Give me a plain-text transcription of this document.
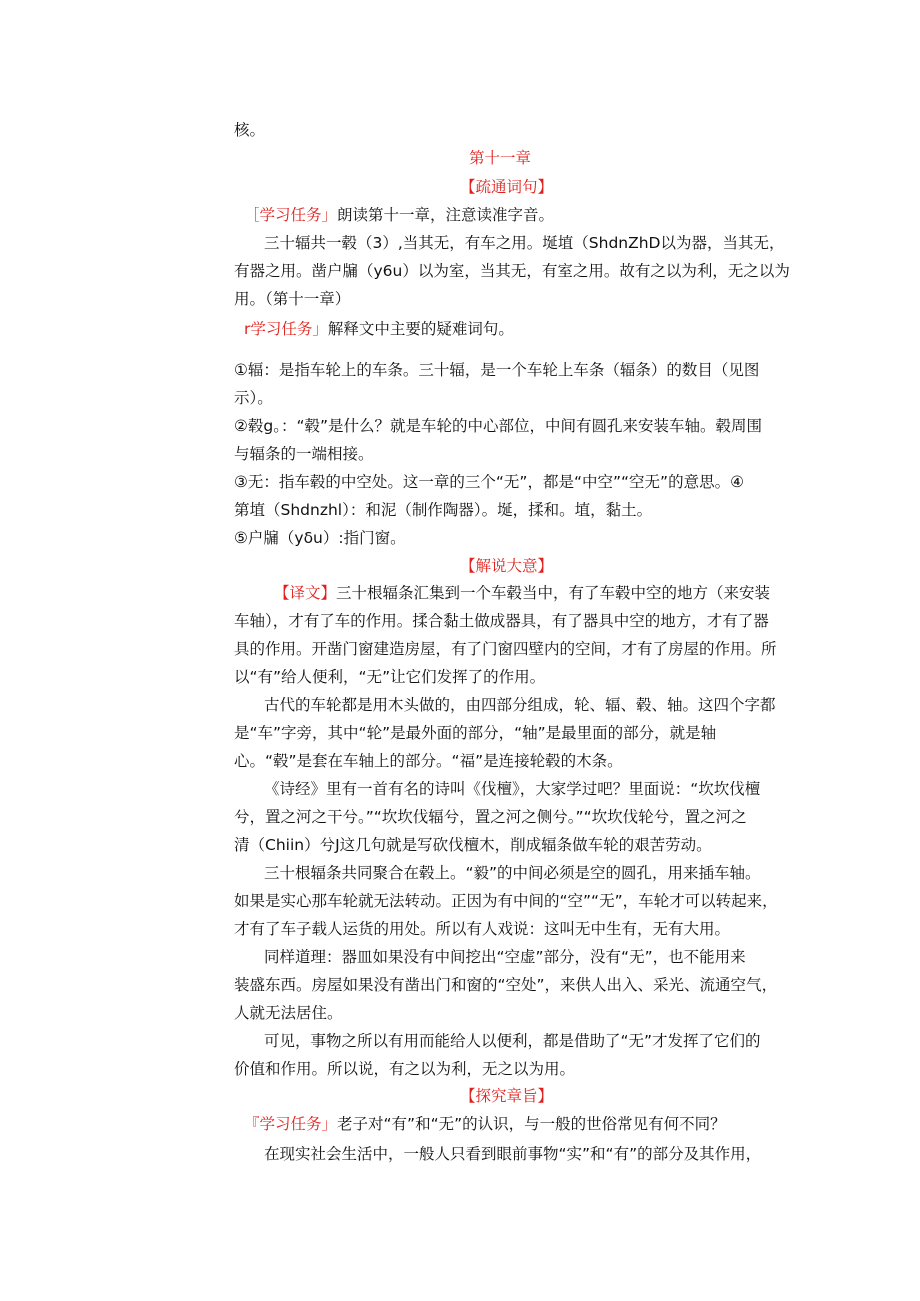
核。
第十一章
【疏通词句】
［学习任务」朗读第十一章，注意读准字音。
三十辐共一毂（3）,当其无，有车之用。埏埴（ShdnZhD以为器，当其无，
有器之用。凿户牖（y6u）以为室，当其无，有室之用。故有之以为利，无之以为
用。（第十一章）
r学习任务」解释文中主要的疑难词句。
①辐：是指车轮上的车条。三十辐，是一个车轮上车条（辐条）的数目（见图
示）。
②毂g。：“毂”是什么？就是车轮的中心部位，中间有圆孔来安装车轴。毂周围
与辐条的一端相接。
③无：指车毂的中空处。这一章的三个“无”，都是“中空”“空无”的意思。④
第埴（Shdnzhl）：和泥（制作陶器）。埏，揉和。埴，黏土。
⑤户牖（yδu）:指门窗。
【解说大意】
【译文】三十根辐条汇集到一个车毂当中，有了车毂中空的地方（来安装
车轴），才有了车的作用。揉合黏土做成器具，有了器具中空的地方，才有了器
具的作用。开凿门窗建造房屋，有了门窗四壁内的空间，才有了房屋的作用。所
以“有”给人便利，“无”让它们发挥了的作用。
古代的车轮都是用木头做的，由四部分组成，轮、辐、毂、轴。这四个字都
是“车”字旁，其中“轮”是最外面的部分，“轴”是最里面的部分，就是轴
心。“毂”是套在车轴上的部分。“福”是连接轮毂的木条。
《诗经》里有一首有名的诗叫《伐檀》，大家学过吧？里面说：“坎坎伐檀
兮，置之河之干兮。”“坎坎伐辐兮，置之河之侧兮。”“坎坎伐轮兮，置之河之
清（Chiin）兮J这几句就是写砍伐檀木，削成辐条做车轮的艰苦劳动。
三十根辐条共同聚合在毂上。“毅”的中间必须是空的圆孔，用来插车轴。
如果是实心那车轮就无法转动。正因为有中间的“空”“无”，车轮才可以转起来，
才有了车子载人运货的用处。所以有人戏说：这叫无中生有，无有大用。
同样道理：器皿如果没有中间挖出“空虚”部分，没有“无”，也不能用来
装盛东西。房屋如果没有凿出门和窗的“空处”，来供人出入、采光、流通空气，
人就无法居住。
可见，事物之所以有用而能给人以便利，都是借助了“无”才发挥了它们的
价值和作用。所以说，有之以为利，无之以为用。
【探究章旨】
『学习任务」老子对“有”和“无”的认识，与一般的世俗常见有何不同？
在现实社会生活中，一般人只看到眼前事物“实”和“有”的部分及其作用，
